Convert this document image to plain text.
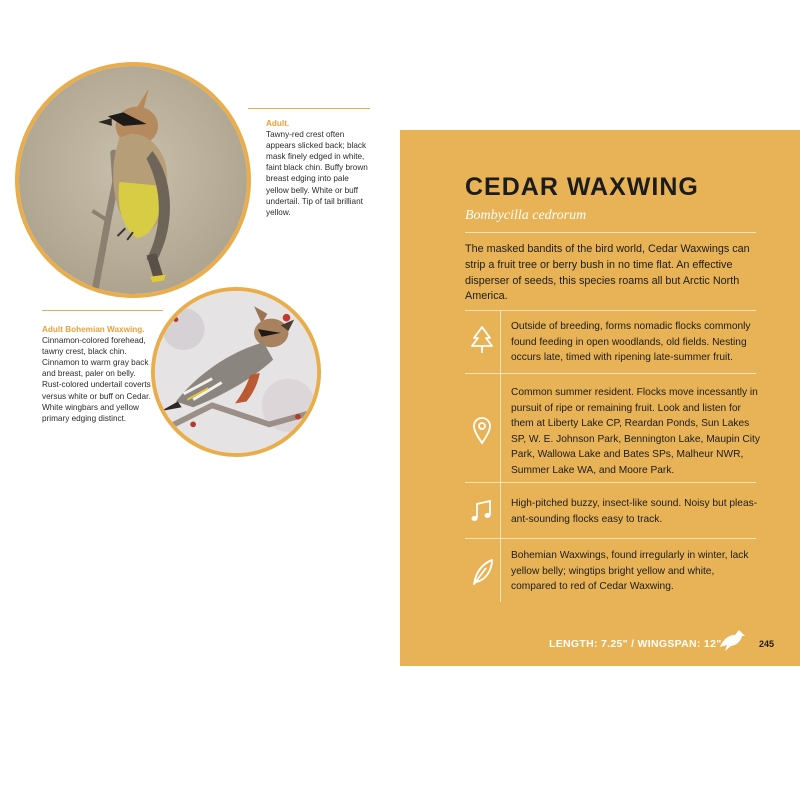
Adult.
Tawny-red crest often appears slicked back; black mask finely edged in white, faint black chin. Buffy brown breast edging into pale yellow belly. White or buff undertail. Tip of tail brilliant yellow.
Adult Bohemian Waxwing.
Cinnamon-colored forehead, tawny crest, black chin. Cinnamon to warm gray back and breast, paler on belly. Rust-colored undertail coverts versus white or buff on Cedar. White wingbars and yellow primary edging distinct.
CEDAR WAXWING
Bombycilla cedrorum
The masked bandits of the bird world, Cedar Waxwings can strip a fruit tree or berry bush in no time flat. An effective disperser of seeds, this species roams all but Arctic North America.
Outside of breeding, forms nomadic flocks commonly found feeding in open woodlands, old fields. Nesting occurs late, timed with ripening late-summer fruit.
Common summer resident. Flocks move incessantly in pursuit of ripe or remaining fruit. Look and listen for them at Liberty Lake CP, Reardan Ponds, Sun Lakes SP, W. E. Johnson Park, Bennington Lake, Maupin City Park, Wallowa Lake and Bates SPs, Malheur NWR, Summer Lake WA, and Moore Park.
High-pitched buzzy, insect-like sound. Noisy but pleas-ant-sounding flocks easy to track.
Bohemian Waxwings, found irregularly in winter, lack yellow belly; wingtips bright yellow and white, compared to red of Cedar Waxwing.
LENGTH: 7.25" / WINGSPAN: 12"	245
